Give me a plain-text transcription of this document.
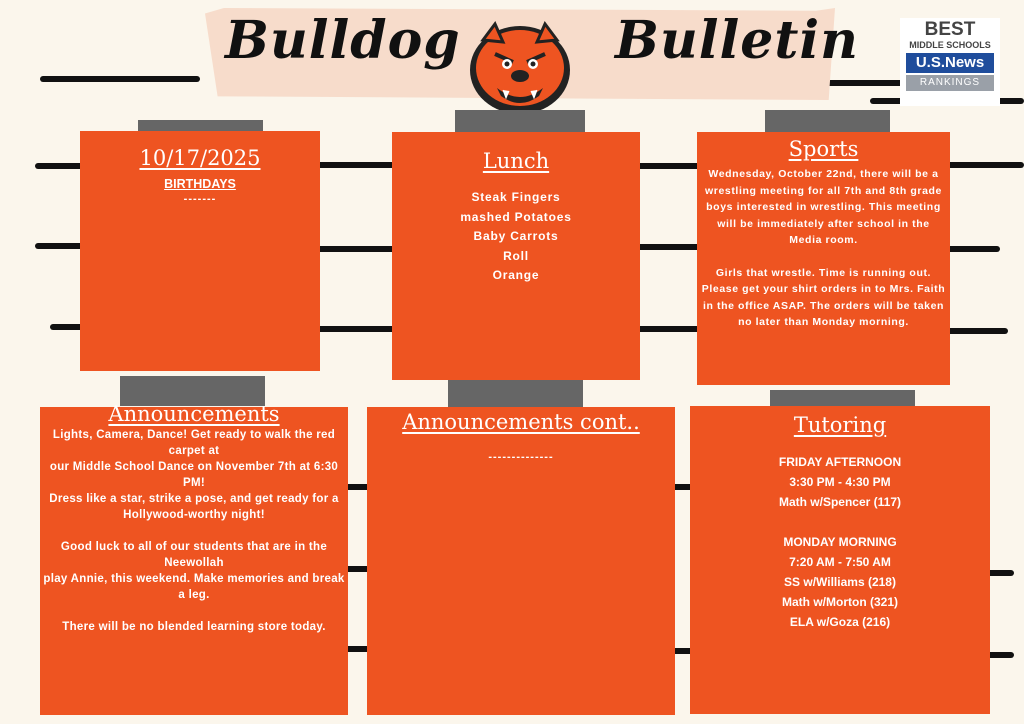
Bulldog	Bulletin	BEST
MIDDLE SCHOOLS
U.S.News
RANKINGS
10/17/2025
BIRTHDAYS
-------
Lunch
Steak Fingers
mashed Potatoes
Baby Carrots
Roll
Orange
Sports
Wednesday, October 22nd, there will be a
wrestling meeting for all 7th and 8th grade
boys interested in wrestling. This meeting
will be immediately after school in the
Media room.
Girls that wrestle. Time is running out.
Please get your shirt orders in to Mrs. Faith
in the office ASAP. The orders will be taken
no later than Monday morning.
Announcements
Lights, Camera, Dance! Get ready to walk the red carpet at
our Middle School Dance on November 7th at 6:30 PM!
Dress like a star, strike a pose, and get ready for a
Hollywood-worthy night!
Good luck to all of our students that are in the Neewollah
play Annie, this weekend. Make memories and break a leg.
There will be no blended learning store today.
Announcements cont..
--------------
Tutoring
FRIDAY AFTERNOON
3:30 PM - 4:30 PM
Math w/Spencer (117)
MONDAY MORNING
7:20 AM - 7:50 AM
SS w/Williams (218)
Math w/Morton (321)
ELA w/Goza (216)
